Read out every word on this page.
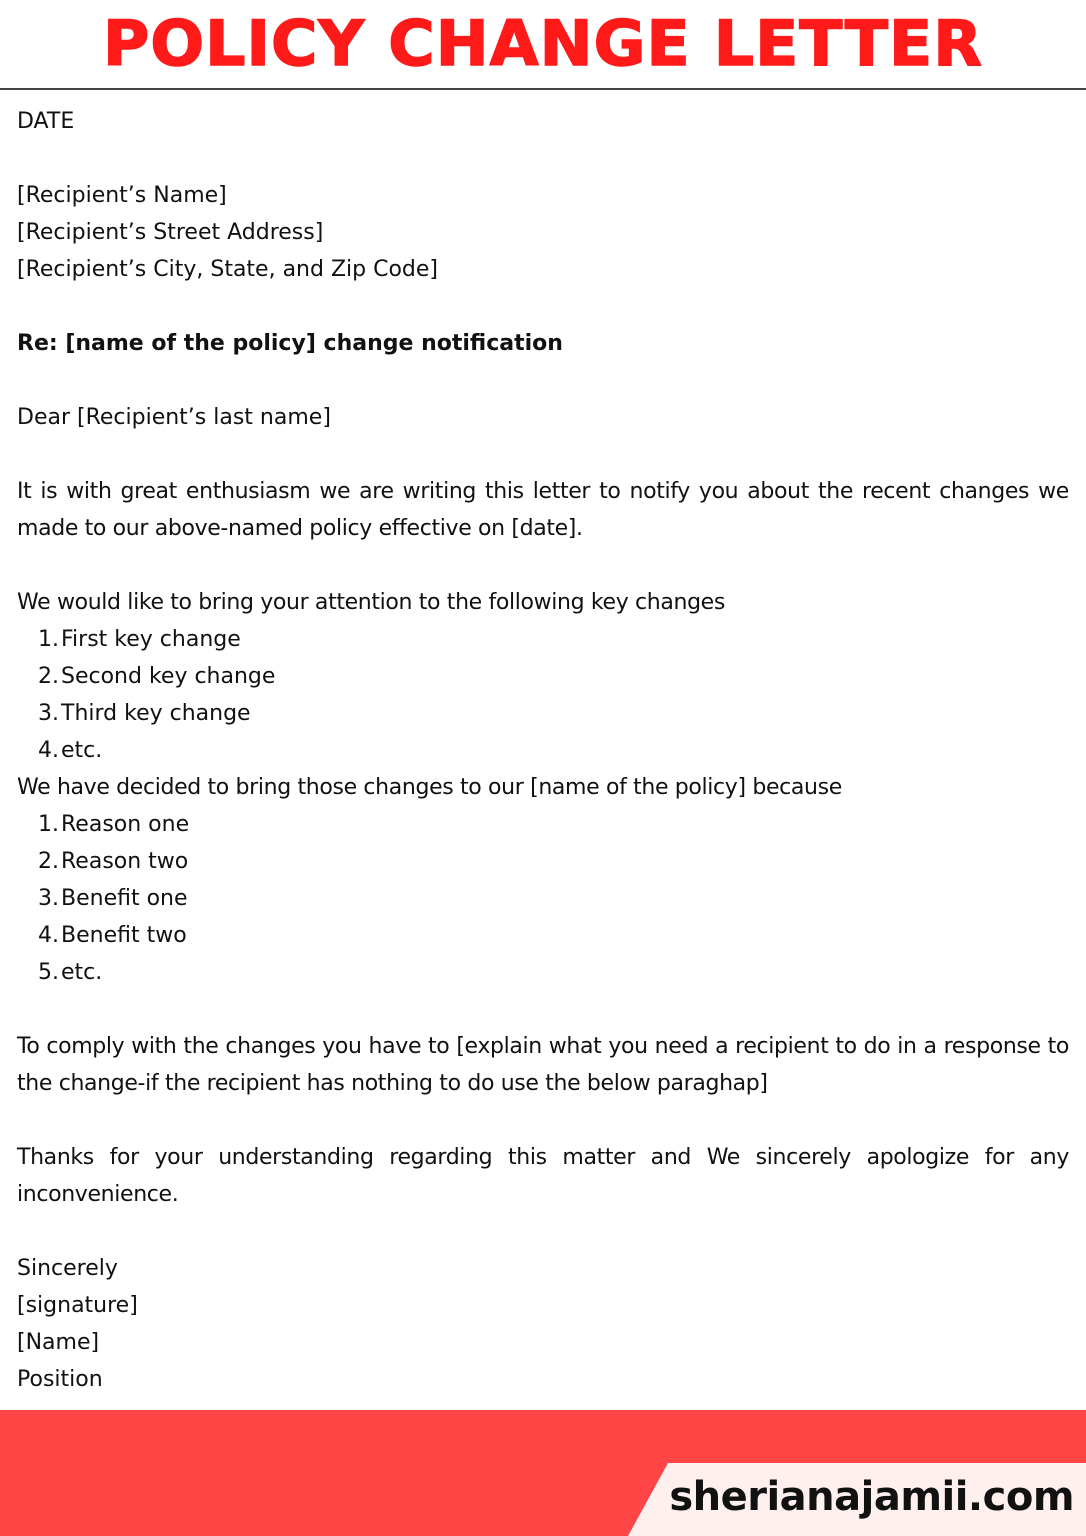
POLICY CHANGE LETTER
DATE
[Recipient’s Name]
[Recipient’s Street Address]
[Recipient’s City, State, and Zip Code]
Re: [name of the policy] change notification
Dear [Recipient’s last name]
It is with great enthusiasm we are writing this letter to notify you about the recent changes we made to our above-named policy effective on [date].
We would like to bring your attention to the following key changes
1. First key change
2. Second key change
3. Third key change
4. etc.
We have decided to bring those changes to our [name of the policy] because
1. Reason one
2. Reason two
3. Benefit one
4. Benefit two
5. etc.
To comply with the changes you have to [explain what you need a recipient to do in a response to the change-if the recipient has nothing to do use the below paraghap]
Thanks for your understanding regarding this matter and We sincerely apologize for any inconvenience.
Sincerely
[signature]
[Name]
Position
sherianajamii.com
